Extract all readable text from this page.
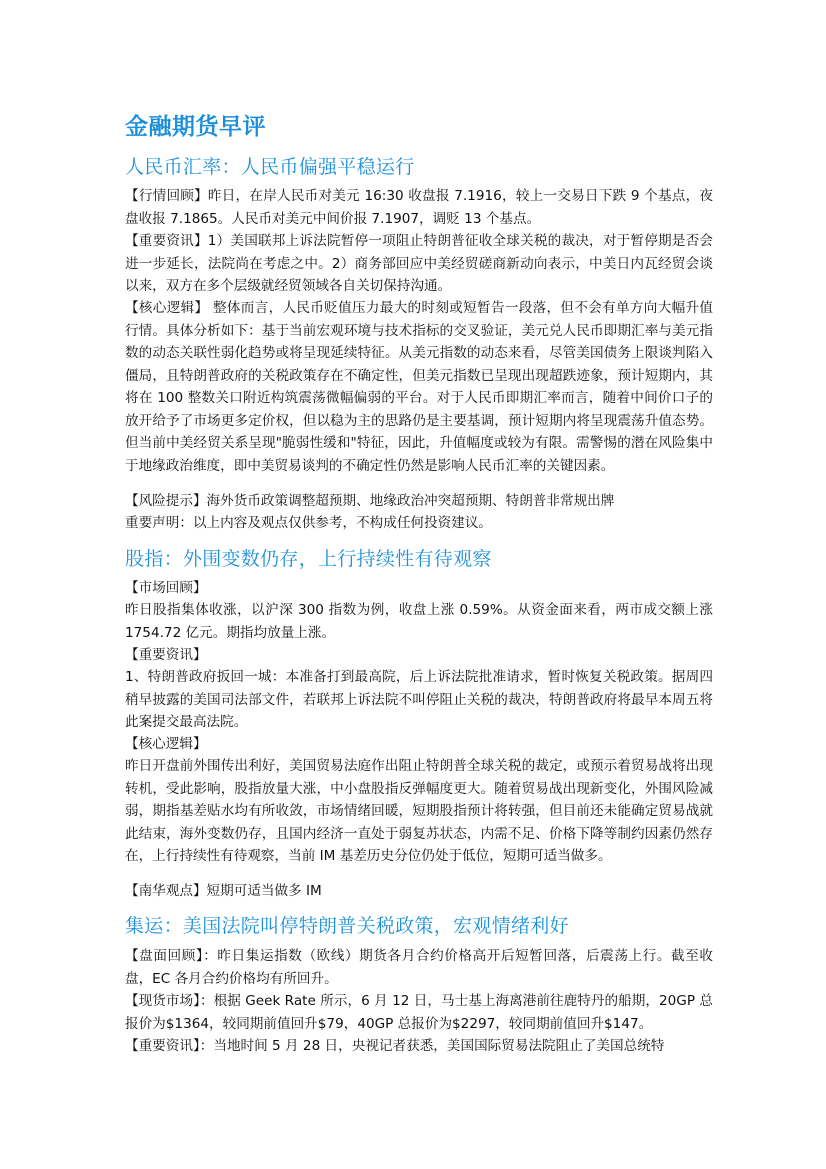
金融期货早评
人民币汇率：人民币偏强平稳运行
【行情回顾】昨日，在岸人民币对美元 16:30 收盘报 7.1916，较上一交易日下跌 9 个基点，夜盘收报 7.1865。人民币对美元中间价报 7.1907，调贬 13 个基点。
【重要资讯】1）美国联邦上诉法院暂停一项阻止特朗普征收全球关税的裁决，对于暂停期是否会进一步延长，法院尚在考虑之中。2）商务部回应中美经贸磋商新动向表示，中美日内瓦经贸会谈以来，双方在多个层级就经贸领域各自关切保持沟通。
【核心逻辑】 整体而言，人民币贬值压力最大的时刻或短暂告一段落，但不会有单方向大幅升值行情。具体分析如下：基于当前宏观环境与技术指标的交叉验证，美元兑人民币即期汇率与美元指数的动态关联性弱化趋势或将呈现延续特征。从美元指数的动态来看，尽管美国债务上限谈判陷入僵局，且特朗普政府的关税政策存在不确定性，但美元指数已呈现出现超跌迹象，预计短期内，其将在 100 整数关口附近构筑震荡微幅偏弱的平台。对于人民币即期汇率而言，随着中间价口子的放开给予了市场更多定价权，但以稳为主的思路仍是主要基调，预计短期内将呈现震荡升值态势。但当前中美经贸关系呈现"脆弱性缓和"特征，因此，升值幅度或较为有限。需警惕的潜在风险集中于地缘政治维度，即中美贸易谈判的不确定性仍然是影响人民币汇率的关键因素。
【风险提示】海外货币政策调整超预期、地缘政治冲突超预期、特朗普非常规出牌
重要声明：以上内容及观点仅供参考，不构成任何投资建议。
股指：外围变数仍存，上行持续性有待观察
【市场回顾】
昨日股指集体收涨，以沪深 300 指数为例，收盘上涨 0.59%。从资金面来看，两市成交额上涨 1754.72 亿元。期指均放量上涨。
【重要资讯】
1、特朗普政府扳回一城：本准备打到最高院，后上诉法院批准请求，暂时恢复关税政策。据周四稍早披露的美国司法部文件，若联邦上诉法院不叫停阻止关税的裁决，特朗普政府将最早本周五将此案提交最高法院。
【核心逻辑】
昨日开盘前外围传出利好，美国贸易法庭作出阻止特朗普全球关税的裁定，或预示着贸易战将出现转机，受此影响，股指放量大涨，中小盘股指反弹幅度更大。随着贸易战出现新变化，外围风险减弱，期指基差贴水均有所收敛，市场情绪回暖，短期股指预计将转强，但目前还未能确定贸易战就此结束，海外变数仍存，且国内经济一直处于弱复苏状态，内需不足、价格下降等制约因素仍然存在，上行持续性有待观察，当前 IM 基差历史分位仍处于低位，短期可适当做多。
【南华观点】短期可适当做多 IM
集运：美国法院叫停特朗普关税政策，宏观情绪利好
【盘面回顾】：昨日集运指数（欧线）期货各月合约价格高开后短暂回落，后震荡上行。截至收盘，EC 各月合约价格均有所回升。
【现货市场】：根据 Geek Rate 所示，6 月 12 日，马士基上海离港前往鹿特丹的船期，20GP 总报价为$1364，较同期前值回升$79，40GP 总报价为$2297，较同期前值回升$147。
【重要资讯】：当地时间 5 月 28 日，央视记者获悉，美国国际贸易法院阻止了美国总统特
